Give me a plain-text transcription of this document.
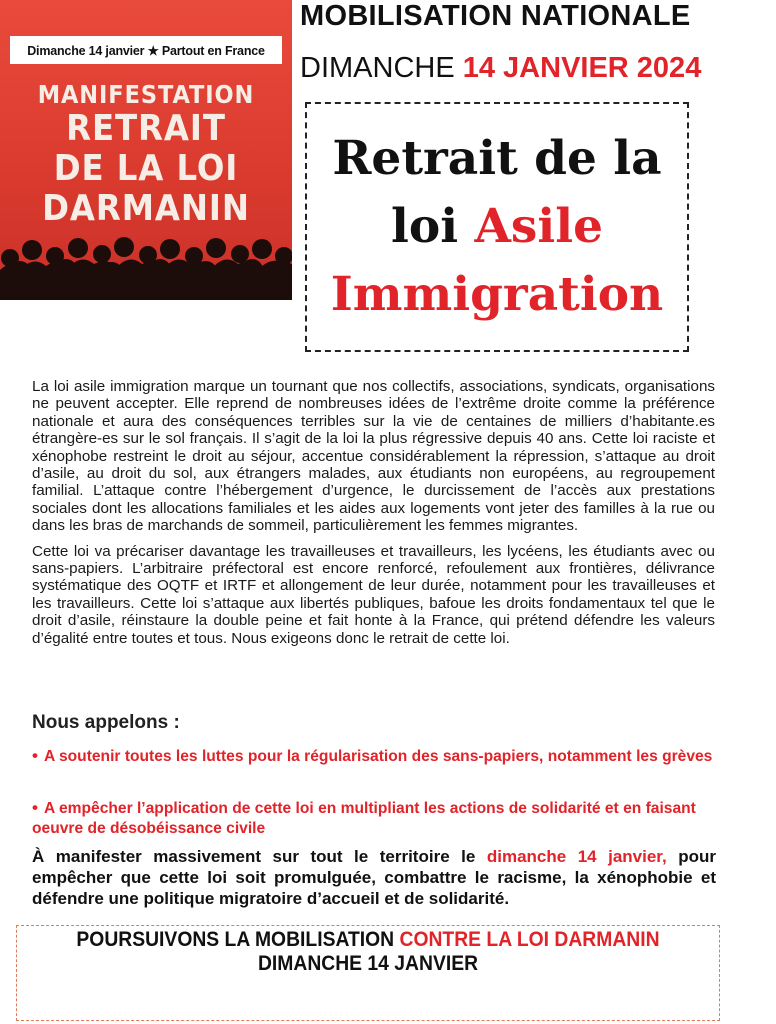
Dimanche 14 janvier ★ Partout en France
MANIFESTATION
RETRAIT
DE LA LOI
DARMANIN
MOBILISATION NATIONALE
DIMANCHE 14 JANVIER 2024
Retrait de la
loi Asile
Immigration

La loi asile immigration marque un tournant que nos collectifs, associations, syndicats, organisations ne peuvent accepter. Elle reprend de nombreuses idées de l’extrême droite comme la préférence nationale et aura des conséquences terribles sur la vie de centaines de milliers d’habitante.es étrangère-es sur le sol français. Il s’agit de la loi la plus régressive depuis 40 ans. Cette loi raciste et xénophobe restreint le droit au séjour, accentue considérablement la répression, s’attaque au droit d’asile, au droit du sol, aux étrangers malades, aux étudiants non européens, au regroupement familial. L’attaque contre l’hébergement d’urgence, le durcissement de l’accès aux prestations sociales dont les allocations familiales et les aides aux logements vont jeter des familles à la rue ou dans les bras de marchands de sommeil, particulièrement les femmes migrantes.

Cette loi va précariser davantage les travailleuses et travailleurs, les lycéens, les étudiants avec ou sans-papiers. L’arbitraire préfectoral est encore renforcé, refoulement aux frontières, délivrance systématique des OQTF et IRTF et allongement de leur durée, notamment pour les travailleuses et les travailleurs. Cette loi s’attaque aux libertés publiques, bafoue les droits fondamentaux tel que le droit d’asile, réinstaure la double peine et fait honte à la France, qui prétend défendre les valeurs d’égalité entre toutes et tous. Nous exigeons donc le retrait de cette loi.

Nous appelons :
• A soutenir toutes les luttes pour la régularisation des sans-papiers, notamment les grèves
• A empêcher l’application de cette loi en multipliant les actions de solidarité et en faisant oeuvre de désobéissance civile
À manifester massivement sur tout le territoire le dimanche 14 janvier, pour empêcher que cette loi soit promulguée, combattre le racisme, la xénophobie et défendre une politique migratoire d’accueil et de solidarité.
POURSUIVONS LA MOBILISATION CONTRE LA LOI DARMANIN DIMANCHE 14 JANVIER
